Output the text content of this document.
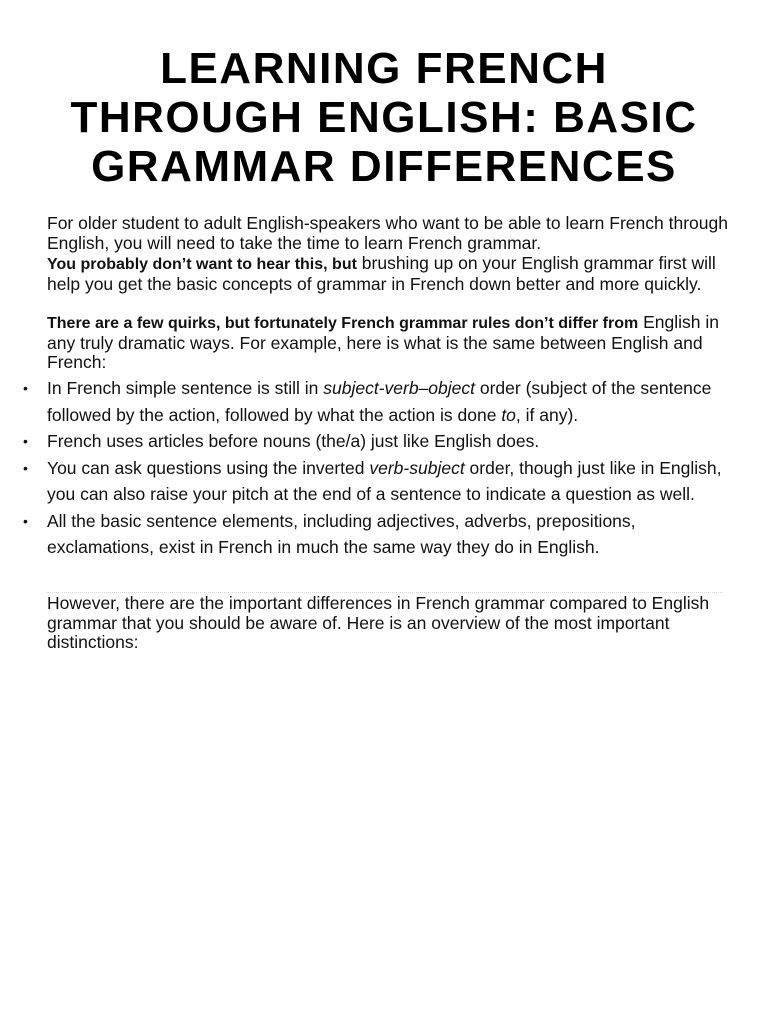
LEARNING FRENCH
THROUGH ENGLISH: BASIC
GRAMMAR DIFFERENCES

For older student to adult English-speakers who want to be able to learn French through English, you will need to take the time to learn French grammar.

You probably don’t want to hear this, but brushing up on your English grammar first will help you get the basic concepts of grammar in French down better and more quickly.

There are a few quirks, but fortunately French grammar rules don’t differ from English in any truly dramatic ways. For example, here is what is the same between English and French:

• In French simple sentence is still in subject-verb–object order (subject of the sentence followed by the action, followed by what the action is done to, if any).
• French uses articles before nouns (the/a) just like English does.
• You can ask questions using the inverted verb-subject order, though just like in English, you can also raise your pitch at the end of a sentence to indicate a question as well.
• All the basic sentence elements, including adjectives, adverbs, prepositions, exclamations, exist in French in much the same way they do in English.

However, there are the important differences in French grammar compared to English grammar that you should be aware of. Here is an overview of the most important distinctions:
